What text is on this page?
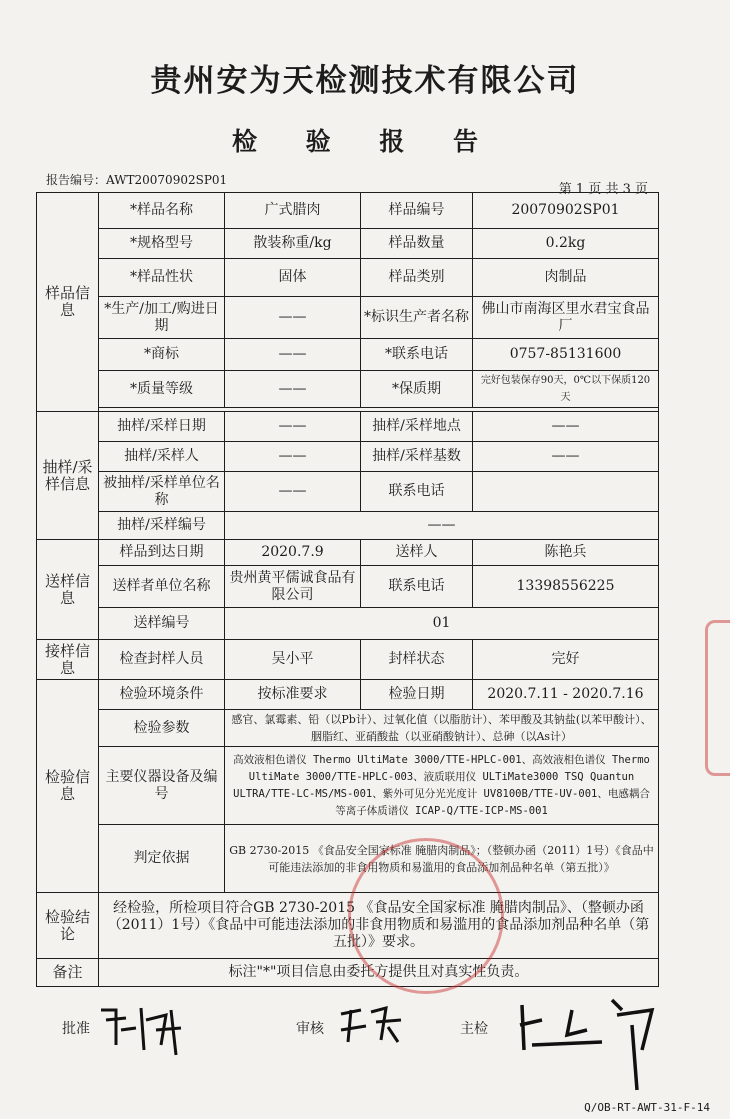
贵州安为天检测技术有限公司
检 验 报 告
报告编号：AWT20070902SP01
第 1 页 共 3 页
样品信息	*样品名称	广式腊肉	样品编号	20070902SP01
	*规格型号	散装称重/kg	样品数量	0.2kg
	*样品性状	固体	样品类别	肉制品
	*生产/加工/购进日期	——	*标识生产者名称	佛山市南海区里水君宝食品厂
	*商标	——	*联系电话	0757-85131600
	*质量等级	——	*保质期	完好包装保存90天，0℃以下保质120天

抽样/采样信息	抽样/采样日期	——	抽样/采样地点	——
	抽样/采样人	——	抽样/采样基数	——
	被抽样/采样单位名称	——	联系电话	
	抽样/采样编号	——		
送样信息	样品到达日期	2020.7.9	送样人	陈艳兵
	送样者单位名称	贵州黄平儒诚食品有限公司	联系电话	13398556225
	送样编号	01		
接样信息	检查封样人员	吴小平	封样状态	完好
检验信息	检验环境条件	按标准要求	检验日期	2020.7.11 - 2020.7.16
	检验参数	感官、氯霉素、铅（以Pb计）、过氧化值（以脂肪计）、苯甲酸及其钠盐(以苯甲酸计）、胭脂红、亚硝酸盐（以亚硝酸钠计）、总砷（以As计）		
	主要仪器设备及编号	高效液相色谱仪 Thermo UltiMate 3000/TTE-HPLC-001、高效液相色谱仪 Thermo UltiMate 3000/TTE-HPLC-003、液质联用仪 ULTiMate3000 TSQ Quantun ULTRA/TTE-LC-MS/MS-001、紫外可见分光光度计 UV8100B/TTE-UV-001、电感耦合等离子体质谱仪 ICAP-Q/TTE-ICP-MS-001		
	判定依据	GB 2730-2015 《食品安全国家标准 腌腊肉制品》；（整顿办函（2011）1号）《食品中可能违法添加的非食用物质和易滥用的食品添加剂品种名单（第五批）》		
检验结论	经检验，所检项目符合GB 2730-2015 《食品安全国家标准 腌腊肉制品》、（整顿办函（2011）1号）《食品中可能违法添加的非食用物质和易滥用的食品添加剂品种名单（第五批）》要求。			
备注	标注"*"项目信息由委托方提供且对真实性负责。			
批准	审核	主检
Q/OB-RT-AWT-31-F-14
